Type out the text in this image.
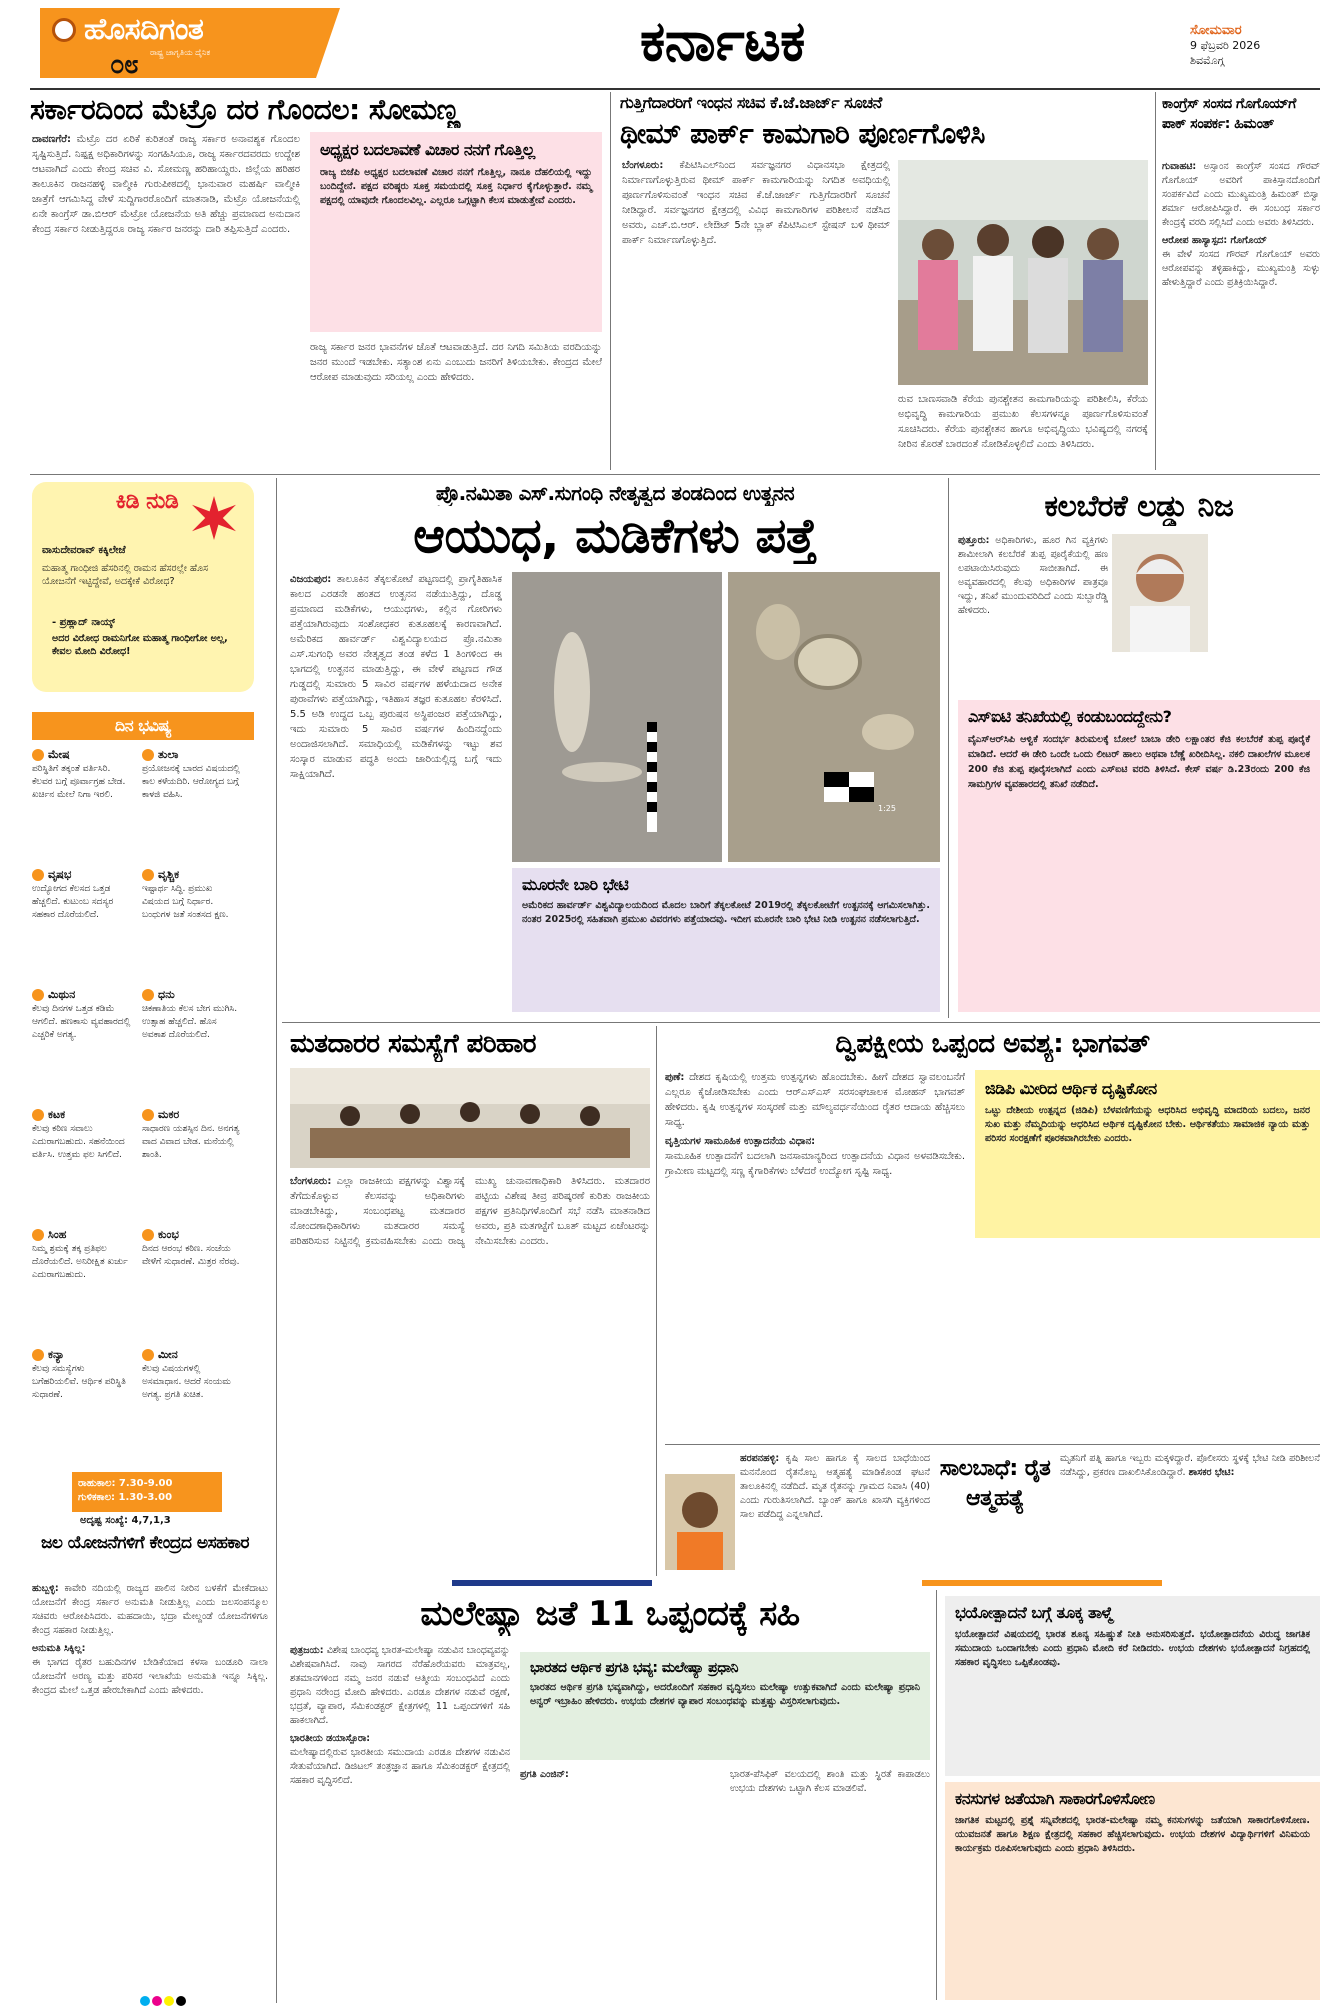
ಹೊಸದಿಗಂತ
ರಾಷ್ಟ್ರ ಜಾಗೃತಿಯ ದೈನಿಕ
೦೮	ಕರ್ನಾಟಕ	ಸೋಮವಾರ
9 ಫೆಬ್ರವರಿ 2026
ಶಿವಮೊಗ್ಗ
ಸರ್ಕಾರದಿಂದ ಮೆಟ್ರೊ ದರ ಗೊಂದಲ: ಸೋಮಣ್ಣ
ದಾವಣಗೆರೆ: ಮೆಟ್ರೊ ದರ ಏರಿಕೆ ಕುರಿತಂತೆ ರಾಜ್ಯ ಸರ್ಕಾರ ಅನಾವಶ್ಯಕ ಗೊಂದಲ ಸೃಷ್ಟಿಸುತ್ತಿದೆ. ನಿಷ್ಪಕ್ಷ ಅಧಿಕಾರಿಗಳನ್ನು ಸಂಗಹಿಸಿಯೂ, ರಾಜ್ಯ ಸರ್ಕಾರದವರದು ಉದ್ದೇಶ ಆಟವಾಗಿದೆ ಎಂದು ಕೇಂದ್ರ ಸಚಿವ ವಿ. ಸೋಮಣ್ಣ ಹರಿಹಾಯ್ದರು. ಜಿಲ್ಲೆಯ ಹರಿಹರ ತಾಲೂಕಿನ ರಾಜನಹಳ್ಳಿ ವಾಲ್ಮೀಕಿ ಗುರುಪೀಠದಲ್ಲಿ ಭಾನುವಾರ ಮಹರ್ಷಿ ವಾಲ್ಮೀಕಿ ಜಾತ್ರೆಗೆ ಆಗಮಿಸಿದ್ದ ವೇಳೆ ಸುದ್ದಿಗಾರರೊಂದಿಗೆ ಮಾತನಾಡಿ, ಮೆಟ್ರೊ ಯೋಜನೆಯಲ್ಲಿ ಏನೇ ಕಾಂಗ್ರೆಸ್ ಡಾ.ಬಿಆರ್ ಮೆಟ್ರೋ ಯೋಜನೆಯ ಅತಿ ಹೆಚ್ಚು ಪ್ರಮಾಣದ ಅನುದಾನ ಕೇಂದ್ರ ಸರ್ಕಾರ ನೀಡುತ್ತಿದ್ದರೂ ರಾಜ್ಯ ಸರ್ಕಾರ ಜನರನ್ನು ದಾರಿ ತಪ್ಪಿಸುತ್ತಿದೆ ಎಂದರು.
ಅಧ್ಯಕ್ಷರ ಬದಲಾವಣೆ ವಿಚಾರ ನನಗೆ ಗೊತ್ತಿಲ್ಲ
ರಾಜ್ಯ ಬಿಜೆಪಿ ಅಧ್ಯಕ್ಷರ ಬದಲಾವಣೆ ವಿಚಾರ ನನಗೆ ಗೊತ್ತಿಲ್ಲ, ನಾನೂ ದೆಹಲಿಯಲ್ಲಿ ಇದ್ದು ಬಂದಿದ್ದೇನೆ. ಪಕ್ಷದ ವರಿಷ್ಠರು ಸೂಕ್ತ ಸಮಯದಲ್ಲಿ ಸೂಕ್ತ ನಿರ್ಧಾರ ಕೈಗೊಳ್ಳುತ್ತಾರೆ. ನಮ್ಮ ಪಕ್ಷದಲ್ಲಿ ಯಾವುದೇ ಗೊಂದಲವಿಲ್ಲ. ಎಲ್ಲರೂ ಒಗ್ಗಟ್ಟಾಗಿ ಕೆಲಸ ಮಾಡುತ್ತೇವೆ ಎಂದರು.
ರಾಜ್ಯ ಸರ್ಕಾರ ಜನರ ಭಾವನೆಗಳ ಜೊತೆ ಆಟವಾಡುತ್ತಿದೆ. ದರ ನಿಗದಿ ಸಮಿತಿಯ ವರದಿಯನ್ನು ಜನರ ಮುಂದೆ ಇಡಬೇಕು. ಸತ್ಯಾಂಶ ಏನು ಎಂಬುದು ಜನರಿಗೆ ತಿಳಿಯಬೇಕು. ಕೇಂದ್ರದ ಮೇಲೆ ಆರೋಪ ಮಾಡುವುದು ಸರಿಯಲ್ಲ ಎಂದು ಹೇಳಿದರು.
ಗುತ್ತಿಗೆದಾರರಿಗೆ ಇಂಧನ ಸಚಿವ ಕೆ.ಜೆ.ಜಾರ್ಜ್ ಸೂಚನೆ
ಥೀಮ್ ಪಾರ್ಕ್ ಕಾಮಗಾರಿ ಪೂರ್ಣಗೊಳಿಸಿ
ಬೆಂಗಳೂರು: ಕೆಪಿಟಿಸಿಎಲ್‌ನಿಂದ ಸರ್ವಜ್ಞನಗರ ವಿಧಾನಸಭಾ ಕ್ಷೇತ್ರದಲ್ಲಿ ನಿರ್ಮಾಣಗೊಳ್ಳುತ್ತಿರುವ ಥೀಮ್ ಪಾರ್ಕ್ ಕಾಮಗಾರಿಯನ್ನು ನಿಗದಿತ ಅವಧಿಯಲ್ಲಿ ಪೂರ್ಣಗೊಳಿಸುವಂತೆ ಇಂಧನ ಸಚಿವ ಕೆ.ಜೆ.ಜಾರ್ಜ್ ಗುತ್ತಿಗೆದಾರರಿಗೆ ಸೂಚನೆ ನೀಡಿದ್ದಾರೆ. ಸರ್ವಜ್ಞನಗರ ಕ್ಷೇತ್ರದಲ್ಲಿ ವಿವಿಧ ಕಾಮಗಾರಿಗಳ ಪರಿಶೀಲನೆ ನಡೆಸಿದ ಅವರು, ಎಚ್.ಬಿ.ಆರ್. ಲೇಔಟ್ 5ನೇ ಬ್ಲಾಕ್ ಕೆಪಿಟಿಸಿಎಲ್ ಸ್ಟೇಷನ್ ಬಳಿ ಥೀಮ್ ಪಾರ್ಕ್ ನಿರ್ಮಾಣಗೊಳ್ಳುತ್ತಿದೆ.
ರುವ ಬಾಣಸವಾಡಿ ಕೆರೆಯ ಪುನಶ್ಚೇತನ ಕಾಮಗಾರಿಯನ್ನು ಪರಿಶೀಲಿಸಿ, ಕೆರೆಯ ಅಭಿವೃದ್ಧಿ ಕಾಮಗಾರಿಯ ಪ್ರಮುಖ ಕೆಲಸಗಳನ್ನೂ ಪೂರ್ಣಗೊಳಿಸುವಂತೆ ಸೂಚಿಸಿದರು. ಕೆರೆಯ ಪುನಶ್ಚೇತನ ಹಾಗೂ ಅಭಿವೃದ್ಧಿಯು ಭವಿಷ್ಯದಲ್ಲಿ ನಗರಕ್ಕೆ ನೀರಿನ ಕೊರತೆ ಬಾರದಂತೆ ನೋಡಿಕೊಳ್ಳಲಿದೆ ಎಂದು ತಿಳಿಸಿದರು.
ಕಾಂಗ್ರೆಸ್ ಸಂಸದ ಗೊಗೊಯ್‌ಗೆ ಪಾಕ್ ಸಂಪರ್ಕ: ಹಿಮಂತ್
ಗುವಾಹಟಿ: ಅಸ್ಸಾಂನ ಕಾಂಗ್ರೆಸ್ ಸಂಸದ ಗೌರವ್ ಗೊಗೊಯ್ ಅವರಿಗೆ ಪಾಕಿಸ್ತಾನದೊಂದಿಗೆ ಸಂಪರ್ಕವಿದೆ ಎಂದು ಮುಖ್ಯಮಂತ್ರಿ ಹಿಮಂತ್ ಬಿಸ್ವಾ ಶರ್ಮಾ ಆರೋಪಿಸಿದ್ದಾರೆ. ಈ ಸಂಬಂಧ ಸರ್ಕಾರ ಕೇಂದ್ರಕ್ಕೆ ವರದಿ ಸಲ್ಲಿಸಿದೆ ಎಂದು ಅವರು ತಿಳಿಸಿದರು.
ಆರೋಪ ಹಾಸ್ಯಾಸ್ಪದ: ಗೊಗೊಯ್
ಈ ವೇಳೆ ಸಂಸದ ಗೌರವ್ ಗೊಗೊಯ್ ಅವರು ಆರೋಪವನ್ನು ತಳ್ಳಿಹಾಕಿದ್ದು, ಮುಖ್ಯಮಂತ್ರಿ ಸುಳ್ಳು ಹೇಳುತ್ತಿದ್ದಾರೆ ಎಂದು ಪ್ರತಿಕ್ರಿಯಿಸಿದ್ದಾರೆ.
ಕಿಡಿ ನುಡಿ
ವಾಸುದೇವರಾವ್ ಕಕ್ಕಿಲೇಜೆ
ಮಹಾತ್ಮ ಗಾಂಧೀಜಿ ಹೆಸರಿನಲ್ಲಿ ರಾಮನ ಹೆಸರಲ್ಲೇ ಹೊಸ ಯೋಜನೆಗೆ ಇಟ್ಟಿದ್ದೇವೆ, ಅದಕ್ಕೇಕೆ ವಿರೋಧ?
- ಪ್ರಹ್ಲಾದ್ ನಾಯ್ಕ್
ಅದರ ವಿರೋಧ ರಾಮನಿಗೋ ಮಹಾತ್ಮ ಗಾಂಧೀಗೋ ಅಲ್ಲ, ಕೇವಲ ಮೋದಿ ವಿರೋಧ!
ದಿನ ಭವಿಷ್ಯ
ಮೇಷ
ಪರಿಸ್ಥಿತಿಗೆ ತಕ್ಕಂತೆ ವರ್ತಿಸಿರಿ. ಕೆಲವರ ಬಗ್ಗೆ ಪೂರ್ವಾಗ್ರಹ ಬೇಡ. ಖರ್ಚಿನ ಮೇಲೆ ನಿಗಾ ಇರಲಿ.
ತುಲಾ
ಪ್ರಯೋಜನಕ್ಕೆ ಬಾರದ ವಿಷಯದಲ್ಲಿ ಕಾಲ ಕಳೆಯದಿರಿ. ಆರೋಗ್ಯದ ಬಗ್ಗೆ ಕಾಳಜಿ ವಹಿಸಿ.
ವೃಷಭ
ಉದ್ಯೋಗದ ಕೆಲಸದ ಒತ್ತಡ ಹೆಚ್ಚಲಿದೆ. ಕುಟುಂಬ ಸದಸ್ಯರ ಸಹಕಾರ ದೊರೆಯಲಿದೆ.
ವೃಶ್ಚಿಕ
ಇಷ್ಟಾರ್ಥ ಸಿದ್ಧಿ. ಪ್ರಮುಖ ವಿಷಯದ ಬಗ್ಗೆ ನಿರ್ಧಾರ. ಬಂಧುಗಳ ಜತೆ ಸಂತಸದ ಕ್ಷಣ.
ಮಿಥುನ
ಕೆಲವು ದಿನಗಳ ಒತ್ತಡ ಕಡಿಮೆ ಆಗಲಿದೆ. ಹಣಕಾಸು ವ್ಯವಹಾರದಲ್ಲಿ ಎಚ್ಚರಿಕೆ ಅಗತ್ಯ.
ಧನು
ಚಿಕಣಾತಿಯ ಕೆಲಸ ಬೇಗ ಮುಗಿಸಿ. ಉತ್ಸಾಹ ಹೆಚ್ಚಲಿದೆ. ಹೊಸ ಅವಕಾಶ ದೊರೆಯಲಿದೆ.
ಕಟಕ
ಕೆಲವು ಕಠಿಣ ಸವಾಲು ಎದುರಾಗಬಹುದು. ಸಹನೆಯಿಂದ ವರ್ತಿಸಿ. ಉತ್ತಮ ಫಲ ಸಿಗಲಿದೆ.
ಮಕರ
ಸಾಧಾರಣ ಯಶಸ್ಸಿನ ದಿನ. ಅನಗತ್ಯ ವಾದ ವಿವಾದ ಬೇಡ. ಮನೆಯಲ್ಲಿ ಶಾಂತಿ.
ಸಿಂಹ
ನಿಮ್ಮ ಶ್ರಮಕ್ಕೆ ತಕ್ಕ ಪ್ರತಿಫಲ ದೊರೆಯಲಿದೆ. ಅನಿರೀಕ್ಷಿತ ಖರ್ಚು ಎದುರಾಗಬಹುದು.
ಕುಂಭ
ದಿನದ ಆರಂಭ ಕಠಿಣ. ಸಂಜೆಯ ವೇಳೆಗೆ ಸುಧಾರಣೆ. ಮಿತ್ರರ ನೆರವು.
ಕನ್ಯಾ
ಕೆಲವು ಸಮಸ್ಯೆಗಳು ಬಗೆಹರಿಯಲಿವೆ. ಆರ್ಥಿಕ ಪರಿಸ್ಥಿತಿ ಸುಧಾರಣೆ.
ಮೀನ
ಕೆಲವು ವಿಷಯಗಳಲ್ಲಿ ಅಸಮಾಧಾನ. ಆದರೆ ಸಂಯಮ ಅಗತ್ಯ. ಪ್ರಗತಿ ಖಚಿತ.
ರಾಹುಕಾಲ: 7.30-9.00
ಗುಳಿಕಕಾಲ: 1.30-3.00
ಅದೃಷ್ಟ ಸಂಖ್ಯೆ: 4,7,1,3
ಜಲ ಯೋಜನೆಗಳಿಗೆ ಕೇಂದ್ರದ ಅಸಹಕಾರ
ಹುಬ್ಬಳ್ಳಿ: ಕಾವೇರಿ ನದಿಯಲ್ಲಿ ರಾಜ್ಯದ ಪಾಲಿನ ನೀರಿನ ಬಳಕೆಗೆ ಮೇಕೆದಾಟು ಯೋಜನೆಗೆ ಕೇಂದ್ರ ಸರ್ಕಾರ ಅನುಮತಿ ನೀಡುತ್ತಿಲ್ಲ ಎಂದು ಜಲಸಂಪನ್ಮೂಲ ಸಚಿವರು ಆರೋಪಿಸಿದರು. ಮಹದಾಯಿ, ಭದ್ರಾ ಮೇಲ್ದಂಡೆ ಯೋಜನೆಗಳಿಗೂ ಕೇಂದ್ರ ಸಹಕಾರ ನೀಡುತ್ತಿಲ್ಲ.
ಅನುಮತಿ ಸಿಕ್ಕಿಲ್ಲ:
ಈ ಭಾಗದ ರೈತರ ಬಹುದಿನಗಳ ಬೇಡಿಕೆಯಾದ ಕಳಸಾ ಬಂಡೂರಿ ನಾಲಾ ಯೋಜನೆಗೆ ಅರಣ್ಯ ಮತ್ತು ಪರಿಸರ ಇಲಾಖೆಯ ಅನುಮತಿ ಇನ್ನೂ ಸಿಕ್ಕಿಲ್ಲ. ಕೇಂದ್ರದ ಮೇಲೆ ಒತ್ತಡ ಹೇರಬೇಕಾಗಿದೆ ಎಂದು ಹೇಳಿದರು.
ಪ್ರೊ.ನಮಿತಾ ಎಸ್.ಸುಗಂಧಿ ನೇತೃತ್ವದ ತಂಡದಿಂದ ಉತ್ಖನನ
ಆಯುಧ, ಮಡಿಕೆಗಳು ಪತ್ತೆ
ವಿಜಯಪುರ: ತಾಲೂಕಿನ ತೆಕ್ಕಲಕೋಟೆ ಪಟ್ಟಣದಲ್ಲಿ ಪ್ರಾಗೈತಿಹಾಸಿಕ ಕಾಲದ ಎರಡನೇ ಹಂತದ ಉತ್ಖನನ ನಡೆಯುತ್ತಿದ್ದು, ದೊಡ್ಡ ಪ್ರಮಾಣದ ಮಡಿಕೆಗಳು, ಆಯುಧಗಳು, ಕಲ್ಲಿನ ಗೋರಿಗಳು ಪತ್ತೆಯಾಗಿರುವುದು ಸಂಶೋಧಕರ ಕುತೂಹಲಕ್ಕೆ ಕಾರಣವಾಗಿದೆ. ಅಮೆರಿಕದ ಹಾರ್ವರ್ಡ್ ವಿಶ್ವವಿದ್ಯಾಲಯದ ಪ್ರೊ.ನಮಿತಾ ಎಸ್.ಸುಗಂಧಿ ಅವರ ನೇತೃತ್ವದ ತಂಡ ಕಳೆದ 1 ತಿಂಗಳಿಂದ ಈ ಭಾಗದಲ್ಲಿ ಉತ್ಖನನ ಮಾಡುತ್ತಿದ್ದು, ಈ ವೇಳೆ ಪಟ್ಟಣದ ಗೌಡ ಗುಡ್ಡದಲ್ಲಿ ಸುಮಾರು 5 ಸಾವಿರ ವರ್ಷಗಳ ಹಳೆಯದಾದ ಅನೇಕ ಪುರಾವೆಗಳು ಪತ್ತೆಯಾಗಿದ್ದು, ಇತಿಹಾಸ ತಜ್ಞರ ಕುತೂಹಲ ಕೆರಳಿಸಿದೆ. 5.5 ಅಡಿ ಉದ್ದದ ಒಬ್ಬ ಪುರುಷನ ಅಸ್ಥಿಪಂಜರ ಪತ್ತೆಯಾಗಿದ್ದು, ಇದು ಸುಮಾರು 5 ಸಾವಿರ ವರ್ಷಗಳ ಹಿಂದಿನದ್ದೆಂದು ಅಂದಾಜಿಸಲಾಗಿದೆ. ಸಮಾಧಿಯಲ್ಲಿ ಮಡಿಕೆಗಳನ್ನು ಇಟ್ಟು ಶವ ಸಂಸ್ಕಾರ ಮಾಡುವ ಪದ್ಧತಿ ಅಂದು ಜಾರಿಯಲ್ಲಿದ್ದ ಬಗ್ಗೆ ಇದು ಸಾಕ್ಷಿಯಾಗಿದೆ.
1:25
ಮೂರನೇ ಬಾರಿ ಭೇಟಿ
ಅಮೆರಿಕದ ಹಾರ್ವರ್ಡ್ ವಿಶ್ವವಿದ್ಯಾಲಯದಿಂದ ಮೊದಲ ಬಾರಿಗೆ ತೆಕ್ಕಲಕೋಟೆ 2019ರಲ್ಲಿ ತೆಕ್ಕಲಕೋಟೆಗೆ ಉತ್ಖನನಕ್ಕೆ ಆಗಮಿಸಲಾಗಿತ್ತು. ನಂತರ 2025ರಲ್ಲಿ ಸಹಿತವಾಗಿ ಪ್ರಮುಖ ವಿವರಗಳು ಪತ್ತೆಯಾದವು. ಇದೀಗ ಮೂರನೇ ಬಾರಿ ಭೇಟಿ ನೀಡಿ ಉತ್ಖನನ ನಡೆಸಲಾಗುತ್ತಿದೆ.
ಕಲಬೆರಕೆ ಲಡ್ಡು ನಿಜ
ಪುತ್ತೂರು: ಅಧಿಕಾರಿಗಳು, ಹೂರ ಗಿನ ವ್ಯಕ್ತಿಗಳು ಶಾಮೀಲಾಗಿ ಕಲಬೆರಕೆ ತುಪ್ಪ ಪೂರೈಕೆಯಲ್ಲಿ ಹಣ ಲಪಟಾಯಿಸಿರುವುದು ಸಾಬೀತಾಗಿದೆ. ಈ ಅವ್ಯವಹಾರದಲ್ಲಿ ಕೆಲವು ಅಧಿಕಾರಿಗಳ ಪಾತ್ರವೂ ಇದ್ದು, ತನಿಖೆ ಮುಂದುವರಿದಿದೆ ಎಂದು ಸುಬ್ಬಾರೆಡ್ಡಿ ಹೇಳಿದರು.
ಎಸ್‌ಐಟಿ ತನಿಖೆಯಲ್ಲಿ ಕಂಡುಬಂದದ್ದೇನು?
ವೈಎಸ್‌ಆರ್‌ಸಿಪಿ ಆಳ್ವಿಕೆ ಸಂದರ್ಭ ತಿರುಮಲಕ್ಕೆ ಬೋಲೆ ಬಾಬಾ ಡೇರಿ ಲಕ್ಷಾಂತರ ಕೆಜಿ ಕಲಬೆರಕೆ ತುಪ್ಪ ಪೂರೈಕೆ ಮಾಡಿದೆ. ಆದರೆ ಈ ಡೇರಿ ಒಂದೇ ಒಂದು ಲೀಟರ್ ಹಾಲು ಅಥವಾ ಬೆಣ್ಣೆ ಖರೀದಿಸಿಲ್ಲ. ನಕಲಿ ದಾಖಲೆಗಳ ಮೂಲಕ 200 ಕೆಜಿ ತುಪ್ಪ ಪೂರೈಸಲಾಗಿದೆ ಎಂದು ಎಸ್‌ಐಟಿ ವರದಿ ತಿಳಿಸಿದೆ. ಕೇಸ್ ವರ್ಷ ಡಿ.23ರಂದು 200 ಕೆಜಿ ಸಾಮಗ್ರಿಗಳ ವ್ಯವಹಾರದಲ್ಲಿ ತನಿಖೆ ನಡೆದಿದೆ.
ಮತದಾರರ ಸಮಸ್ಯೆಗೆ ಪರಿಹಾರ
ಬೆಂಗಳೂರು: ಎಲ್ಲಾ ರಾಜಕೀಯ ಪಕ್ಷಗಳನ್ನು ವಿಶ್ವಾಸಕ್ಕೆ ತೆಗೆದುಕೊಳ್ಳುವ ಕೆಲಸವನ್ನು ಅಧಿಕಾರಿಗಳು ಮಾಡಬೇಕಿದ್ದು, ಸಂಬಂಧಪಟ್ಟ ಮತದಾರರ ನೋಂದಣಾಧಿಕಾರಿಗಳು ಮತದಾರರ ಸಮಸ್ಯೆ ಪರಿಹರಿಸುವ ನಿಟ್ಟಿನಲ್ಲಿ ಕ್ರಮವಹಿಸಬೇಕು ಎಂದು ರಾಜ್ಯ ಮುಖ್ಯ ಚುನಾವಣಾಧಿಕಾರಿ ತಿಳಿಸಿದರು. ಮತದಾರರ ಪಟ್ಟಿಯ ವಿಶೇಷ ತೀವ್ರ ಪರಿಷ್ಕರಣೆ ಕುರಿತು ರಾಜಕೀಯ ಪಕ್ಷಗಳ ಪ್ರತಿನಿಧಿಗಳೊಂದಿಗೆ ಸಭೆ ನಡೆಸಿ ಮಾತನಾಡಿದ ಅವರು, ಪ್ರತಿ ಮತಗಟ್ಟೆಗೆ ಬೂತ್ ಮಟ್ಟದ ಏಜೆಂಟರನ್ನು ನೇಮಿಸಬೇಕು ಎಂದರು.
ದ್ವಿಪಕ್ಷೀಯ ಒಪ್ಪಂದ ಅವಶ್ಯ: ಭಾಗವತ್
ಪುಣೆ: ದೇಶದ ಕೃಷಿಯಲ್ಲಿ ಉತ್ತಮ ಉತ್ಪನ್ನಗಳು ಹೊಂದಬೇಕು. ಹೀಗೆ ದೇಶದ ಸ್ವಾವಲಂಬನೆಗೆ ಎಲ್ಲರೂ ಕೈಜೋಡಿಸಬೇಕು ಎಂದು ಆರ್‌ಎಸ್‌ಎಸ್ ಸರಸಂಘಚಾಲಕ ಮೋಹನ್ ಭಾಗವತ್ ಹೇಳಿದರು. ಕೃಷಿ ಉತ್ಪನ್ನಗಳ ಸಂಸ್ಕರಣೆ ಮತ್ತು ಮೌಲ್ಯವರ್ಧನೆಯಿಂದ ರೈತರ ಆದಾಯ ಹೆಚ್ಚಿಸಲು ಸಾಧ್ಯ.
ವೃತ್ತಿಯಗಳ ಸಾಮೂಹಿಕ ಉತ್ಪಾದನೆಯ ವಿಧಾನ:
ಸಾಮೂಹಿಕ ಉತ್ಪಾದನೆಗೆ ಬದಲಾಗಿ ಜನಸಾಮಾನ್ಯರಿಂದ ಉತ್ಪಾದನೆಯ ವಿಧಾನ ಅಳವಡಿಸಬೇಕು. ಗ್ರಾಮೀಣ ಮಟ್ಟದಲ್ಲಿ ಸಣ್ಣ ಕೈಗಾರಿಕೆಗಳು ಬೆಳೆದರೆ ಉದ್ಯೋಗ ಸೃಷ್ಟಿ ಸಾಧ್ಯ.
ಜಿಡಿಪಿ ಮೀರಿದ ಆರ್ಥಿಕ ದೃಷ್ಟಿಕೋನ
ಒಟ್ಟು ದೇಶೀಯ ಉತ್ಪನ್ನದ (ಜಿಡಿಪಿ) ಬೆಳವಣಿಗೆಯನ್ನು ಆಧರಿಸಿದ ಅಭಿವೃದ್ಧಿ ಮಾದರಿಯ ಬದಲು, ಜನರ ಸುಖ ಮತ್ತು ನೆಮ್ಮದಿಯನ್ನು ಆಧರಿಸಿದ ಆರ್ಥಿಕ ದೃಷ್ಟಿಕೋನ ಬೇಕು. ಆರ್ಥಿಕತೆಯು ಸಾಮಾಜಿಕ ನ್ಯಾಯ ಮತ್ತು ಪರಿಸರ ಸಂರಕ್ಷಣೆಗೆ ಪೂರಕವಾಗಿರಬೇಕು ಎಂದರು.
ಹರಪನಹಳ್ಳಿ: ಕೃಷಿ ಸಾಲ ಹಾಗೂ ಕೈ ಸಾಲದ ಬಾಧೆಯಿಂದ ಮನನೊಂದ ರೈತನೊಬ್ಬ ಆತ್ಮಹತ್ಯೆ ಮಾಡಿಕೊಂಡ ಘಟನೆ ತಾಲೂಕಿನಲ್ಲಿ ನಡೆದಿದೆ. ಮೃತ ರೈತನನ್ನು ಗ್ರಾಮದ ನಿವಾಸಿ (40) ಎಂದು ಗುರುತಿಸಲಾಗಿದೆ. ಬ್ಯಾಂಕ್ ಹಾಗೂ ಖಾಸಗಿ ವ್ಯಕ್ತಿಗಳಿಂದ ಸಾಲ ಪಡೆದಿದ್ದ ಎನ್ನಲಾಗಿದೆ.
ಸಾಲಬಾಧೆ: ರೈತ ಆತ್ಮಹತ್ಯೆ
ಮೃತನಿಗೆ ಪತ್ನಿ ಹಾಗೂ ಇಬ್ಬರು ಮಕ್ಕಳಿದ್ದಾರೆ. ಪೊಲೀಸರು ಸ್ಥಳಕ್ಕೆ ಭೇಟಿ ನೀಡಿ ಪರಿಶೀಲನೆ ನಡೆಸಿದ್ದು, ಪ್ರಕರಣ ದಾಖಲಿಸಿಕೊಂಡಿದ್ದಾರೆ. ಶಾಸಕರ ಭೇಟಿ:
ಮಲೇಷ್ಯಾ ಜತೆ 11 ಒಪ್ಪಂದಕ್ಕೆ ಸಹಿ
ಪುತ್ರಜಯ: ವಿಶೇಷ ಬಾಂಧವ್ಯ ಭಾರತ-ಮಲೇಷ್ಯಾ ನಡುವಿನ ಬಾಂಧವ್ಯವನ್ನು ವಿಶೇಷವಾಗಿಸಿದೆ. ನಾವು ಸಾಗರದ ನೆರೆಹೊರೆಯವರು ಮಾತ್ರವಲ್ಲ, ಶತಮಾನಗಳಿಂದ ನಮ್ಮ ಜನರ ನಡುವೆ ಆತ್ಮೀಯ ಸಂಬಂಧವಿದೆ ಎಂದು ಪ್ರಧಾನಿ ನರೇಂದ್ರ ಮೋದಿ ಹೇಳಿದರು. ಎರಡೂ ದೇಶಗಳ ನಡುವೆ ರಕ್ಷಣೆ, ಭದ್ರತೆ, ವ್ಯಾಪಾರ, ಸೆಮಿಕಂಡಕ್ಟರ್ ಕ್ಷೇತ್ರಗಳಲ್ಲಿ 11 ಒಪ್ಪಂದಗಳಿಗೆ ಸಹಿ ಹಾಕಲಾಗಿದೆ.
ಭಾರತೀಯ ಡಯಾಸ್ಪೊರಾ:
ಮಲೇಷ್ಯಾದಲ್ಲಿರುವ ಭಾರತೀಯ ಸಮುದಾಯ ಎರಡೂ ದೇಶಗಳ ನಡುವಿನ ಸೇತುವೆಯಾಗಿದೆ. ಡಿಜಿಟಲ್ ತಂತ್ರಜ್ಞಾನ ಹಾಗೂ ಸೆಮಿಕಂಡಕ್ಟರ್ ಕ್ಷೇತ್ರದಲ್ಲಿ ಸಹಕಾರ ವೃದ್ಧಿಸಲಿದೆ.
ಭಾರತದ ಆರ್ಥಿಕ ಪ್ರಗತಿ ಭವ್ಯ: ಮಲೇಷ್ಯಾ ಪ್ರಧಾನಿ
ಭಾರತದ ಆರ್ಥಿಕ ಪ್ರಗತಿ ಭವ್ಯವಾಗಿದ್ದು, ಅದರೊಂದಿಗೆ ಸಹಕಾರ ವೃದ್ಧಿಸಲು ಮಲೇಷ್ಯಾ ಉತ್ಸುಕವಾಗಿದೆ ಎಂದು ಮಲೇಷ್ಯಾ ಪ್ರಧಾನಿ ಅನ್ವರ್ ಇಬ್ರಾಹಿಂ ಹೇಳಿದರು. ಉಭಯ ದೇಶಗಳ ವ್ಯಾಪಾರ ಸಂಬಂಧವನ್ನು ಮತ್ತಷ್ಟು ವಿಸ್ತರಿಸಲಾಗುವುದು.
ಪ್ರಗತಿ ಎಂಜಿನ್:	ಭಾರತ-ಪೆಸಿಫಿಕ್ ವಲಯದಲ್ಲಿ ಶಾಂತಿ ಮತ್ತು ಸ್ಥಿರತೆ ಕಾಪಾಡಲು ಉಭಯ ದೇಶಗಳು ಒಟ್ಟಾಗಿ ಕೆಲಸ ಮಾಡಲಿವೆ.
ಭಯೋತ್ಪಾದನೆ ಬಗ್ಗೆ ತೂಕ್ಕ ತಾಳ್ಮೆ
ಭಯೋತ್ಪಾದನೆ ವಿಷಯದಲ್ಲಿ ಭಾರತ ಶೂನ್ಯ ಸಹಿಷ್ಣುತೆ ನೀತಿ ಅನುಸರಿಸುತ್ತದೆ. ಭಯೋತ್ಪಾದನೆಯ ವಿರುದ್ಧ ಜಾಗತಿಕ ಸಮುದಾಯ ಒಂದಾಗಬೇಕು ಎಂದು ಪ್ರಧಾನಿ ಮೋದಿ ಕರೆ ನೀಡಿದರು. ಉಭಯ ದೇಶಗಳು ಭಯೋತ್ಪಾದನೆ ನಿಗ್ರಹದಲ್ಲಿ ಸಹಕಾರ ವೃದ್ಧಿಸಲು ಒಪ್ಪಿಕೊಂಡವು.
ಕನಸುಗಳ ಜತೆಯಾಗಿ ಸಾಕಾರಗೊಳಿಸೋಣ
ಜಾಗತಿಕ ಮಟ್ಟದಲ್ಲಿ ಪ್ರಶ್ನೆ ಸನ್ನಿವೇಶದಲ್ಲಿ ಭಾರತ-ಮಲೇಷ್ಯಾ ನಮ್ಮ ಕನಸುಗಳನ್ನು ಜತೆಯಾಗಿ ಸಾಕಾರಗೊಳಿಸೋಣ. ಯುವಜನತೆ ಹಾಗೂ ಶಿಕ್ಷಣ ಕ್ಷೇತ್ರದಲ್ಲಿ ಸಹಕಾರ ಹೆಚ್ಚಿಸಲಾಗುವುದು. ಉಭಯ ದೇಶಗಳ ವಿದ್ಯಾರ್ಥಿಗಳಿಗೆ ವಿನಿಮಯ ಕಾರ್ಯಕ್ರಮ ರೂಪಿಸಲಾಗುವುದು ಎಂದು ಪ್ರಧಾನಿ ತಿಳಿಸಿದರು.
